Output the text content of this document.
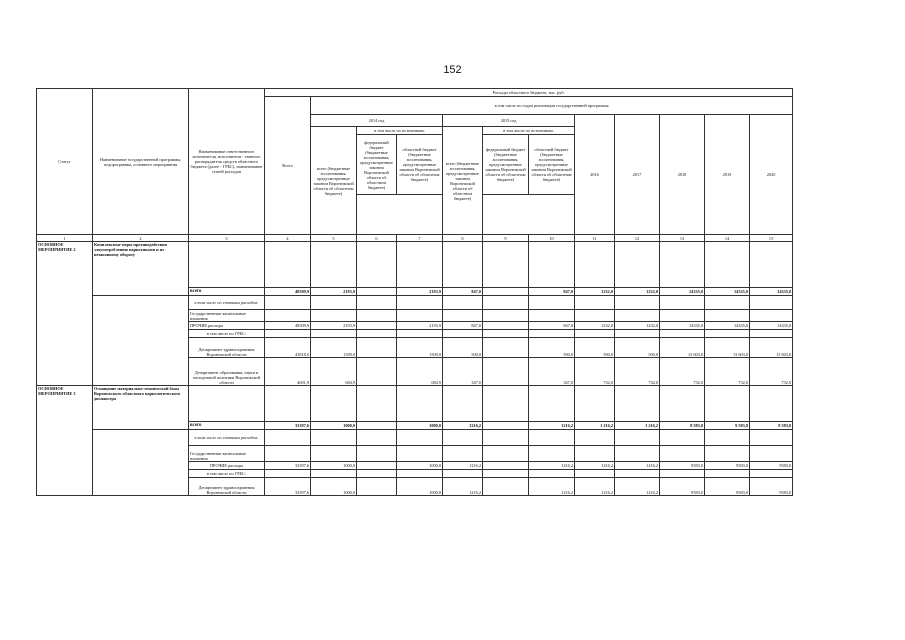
152
Статус	Наименование государственной программы, подпрограммы, основного мероприятия	Наименование ответственного исполнителя, исполнителя - главного распорядителя средств областного бюджета (далее - ГРБС), наименование статей расходов	Расходы областного бюджета, тыс. руб.											
			Всего	в том числе по годам реализации государственной программы										
				2014 год			2015 год			2016	2017	2018	2019	2020
				всего (бюджетные ассигнования, предусмотренные законом Воронежской области об областном бюджете)	в том числе по источникам:		всего (бюджетные ассигнования, предусмотренные законом Воронежской области об областном бюджете)	в том числе по источникам:						
					федеральный бюджет (бюджетные ассигнования, предусмотренные законом Воронежской области об областном бюджете)	областной бюджет (бюджетные ассигнования, предусмотренные законом Воронежской области об областном бюджете)		федеральный бюджет (бюджетные ассигнования, предусмотренные законом Воронежской области об областном бюджете)	областной бюджет (бюджетные ассигнования, предусмотренные законом Воронежской области об областном бюджете)					

1	2	3	4	5	6	7	8	9	10	11	12	13	14	15
ОСНОВНОЕ МЕРОПРИЯТИЕ 2	Комплексные меры противодействия злоупотреблению наркотиками и их незаконному обороту													
		всего	48509,9	2193,9		2193,9	847,0		847,0	1232,0	1232,0	14335,0	14335,0	14335,0
		в том числе по статьям расходов:												
		Государственные капитальные вложения												
		ПРОЧИЕ расходы	48509,9	2193,9		2193,9	847,0		847,0	1232,0	1232,0	14335,0	14335,0	14335,0
		в том числе по ГРБС:												
		Департамент здравоохранения Воронежской области	43818,0	1509,0		1509,0	500,0		500,0	500,0	500,0	13 603,0	13 603,0	13 603,0
		Департамент образования, науки и молодежной политики Воронежской области	4691,9	684,9		684,9	347,0		347,0	732,0	732,0	732,0	732,0	732,0
ОСНОВНОЕ МЕРОПРИЯТИЕ 3	Оснащение материально-технической базы Воронежского областного наркологического диспансера													
		всего	33397,6	1000,0		1000,0	1216,2		1216,2	1 216,2	1 216,2	9 583,0	9 583,0	9 583,0
		в том числе по статьям расходов:												
		Государственные капитальные вложения												
		ПРОЧИЕ расходы	33397,6	1000,0		1000,0	1216,2		1216,2	1216,2	1216,2	9583,0	9583,0	9583,0
		в том числе по ГРБС:												
		Департамент здравоохранения Воронежской области	33397,6	1000,0		1000,0	1216,2		1216,2	1216,2	1216,2	9583,0	9583,0	9583,0
